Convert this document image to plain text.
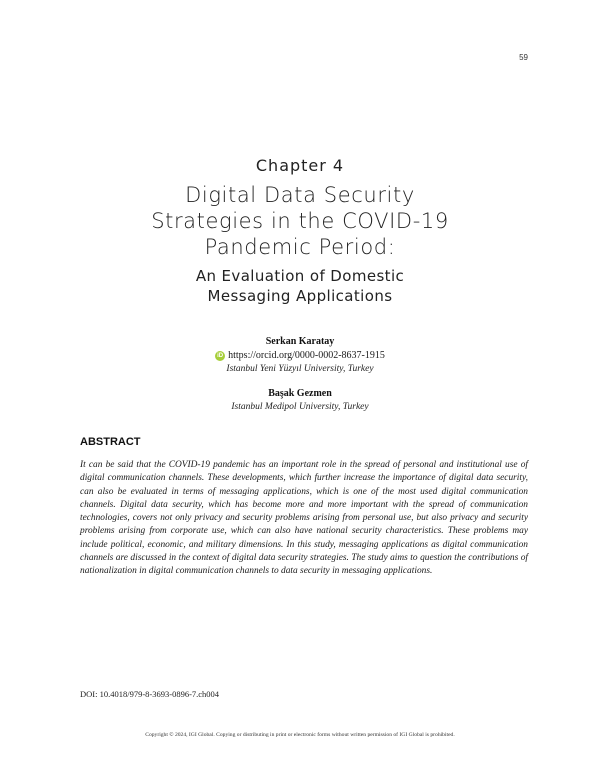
59
Chapter 4
Digital Data Security
Strategies in the COVID-19
Pandemic Period:
An Evaluation of Domestic
Messaging Applications
Serkan Karatay
iD https://orcid.org/0000-0002-8637-1915
Istanbul Yeni Yüzyıl University, Turkey
Başak Gezmen
Istanbul Medipol University, Turkey
ABSTRACT
It can be said that the COVID-19 pandemic has an important role in the spread of personal and institutional use of digital communication channels. These developments, which further increase the importance of digital data security, can also be evaluated in terms of messaging applications, which is one of the most used digital communication channels. Digital data security, which has become more and more important with the spread of communication technologies, covers not only privacy and security problems arising from personal use, but also privacy and security problems arising from corporate use, which can also have national security characteristics. These problems may include political, economic, and military dimensions. In this study, messaging applications as digital communication channels are discussed in the context of digital data security strategies. The study aims to question the contributions of nationalization in digital communication channels to data security in messaging applications.
DOI: 10.4018/979-8-3693-0896-7.ch004
Copyright © 2024, IGI Global. Copying or distributing in print or electronic forms without written permission of IGI Global is prohibited.
